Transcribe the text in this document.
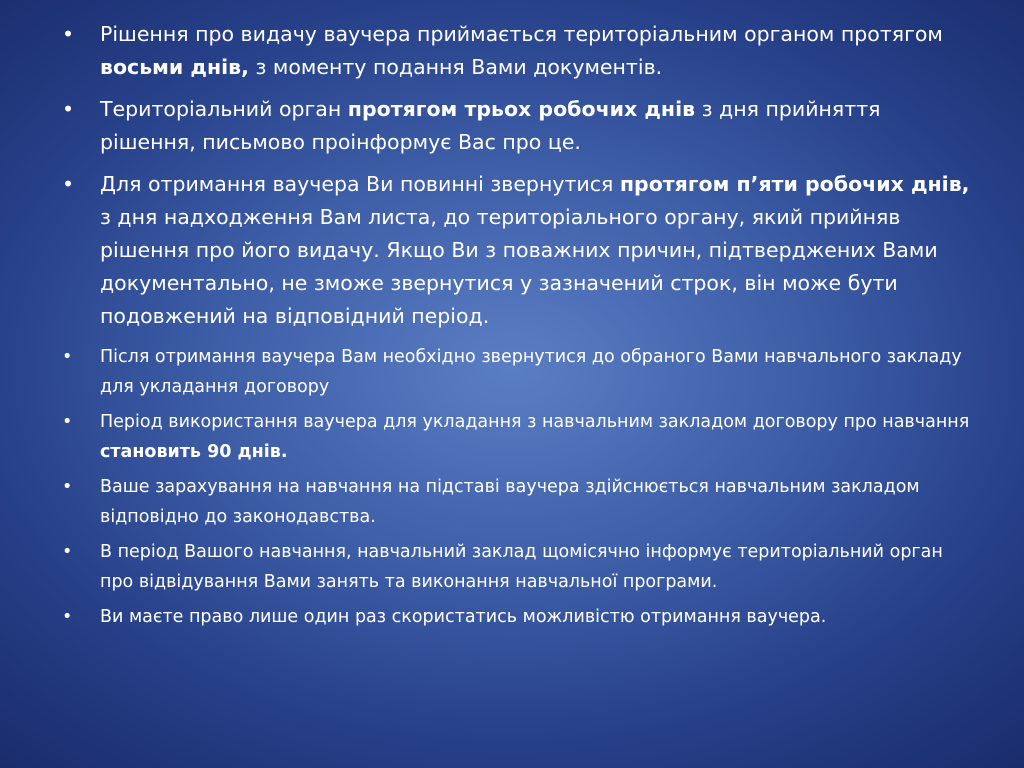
• Рішення про видачу ваучера приймається територіальним органом протягом восьми днів, з моменту подання Вами документів.
• Територіальний орган протягом трьох робочих днів з дня прийняття рішення, письмово проінформує Вас про це.
• Для отримання ваучера Ви повинні звернутися протягом п’яти робочих днів, з дня надходження Вам листа, до територіального органу, який прийняв рішення про його видачу. Якщо Ви з поважних причин, підтверджених Вами документально, не зможе звернутися у зазначений строк, він може бути подовжений на відповідний період.
• Після отримання ваучера Вам необхідно звернутися до обраного Вами навчального закладу для укладання договору
• Період використання ваучера для укладання з навчальним закладом договору про навчання становить 90 днів.
• Ваше зарахування на навчання на підставі ваучера здійснюється навчальним закладом відповідно до законодавства.
• В період Вашого навчання, навчальний заклад щомісячно інформує територіальний орган про відвідування Вами занять та виконання навчальної програми.
• Ви маєте право лише один раз скористатись можливістю отримання ваучера.
